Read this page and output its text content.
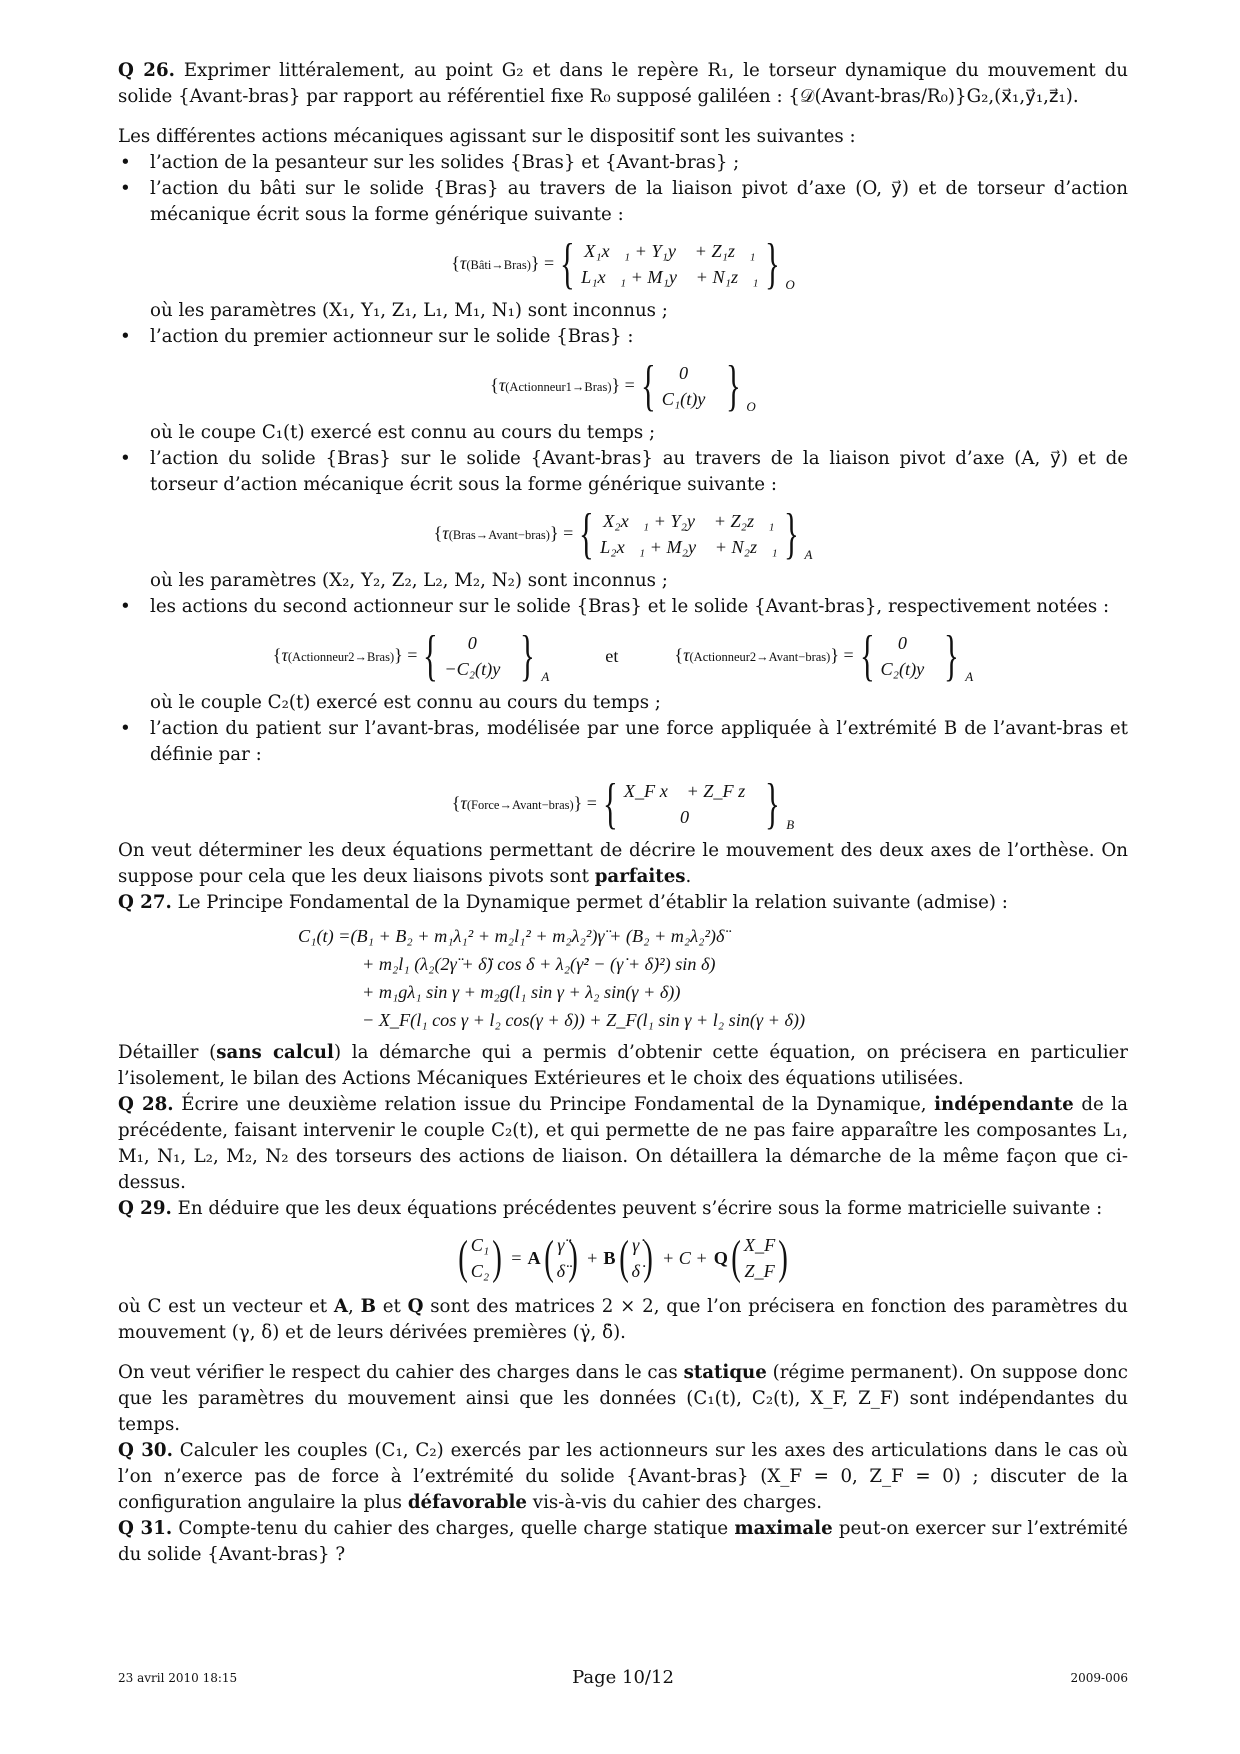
Q 26. Exprimer littéralement, au point G₂ et dans le repère R₁, le torseur dynamique du mouvement du solide {Avant-bras} par rapport au référentiel fixe R₀ supposé galiléen : {𝒟(Avant-bras/R₀)}G₂,(x⃗₁,y⃗₁,z⃗₁).

Les différentes actions mécaniques agissant sur le dispositif sont les suivantes :

• l’action de la pesanteur sur les solides {Bras} et {Avant-bras} ;

• l’action du bâti sur le solide {Bras} au travers de la liaison pivot d’axe (O, y⃗) et de torseur d’action mécanique écrit sous la forme générique suivante :

{τ(Bâti→Bras)} = { X₁x⃗₁ + Y₁y⃗ + Z₁z⃗₁
L₁x⃗₁ + M₁y⃗ + N₁z⃗₁ } O

où les paramètres (X₁, Y₁, Z₁, L₁, M₁, N₁) sont inconnus ;

• l’action du premier actionneur sur le solide {Bras} :

{τ(Actionneur1→Bras)} = { 0⃗
C₁(t)y⃗ } O

où le coupe C₁(t) exercé est connu au cours du temps ;

• l’action du solide {Bras} sur le solide {Avant-bras} au travers de la liaison pivot d’axe (A, y⃗) et de torseur d’action mécanique écrit sous la forme générique suivante :

{τ(Bras→Avant−bras)} = { X₂x⃗₁ + Y₂y⃗ + Z₂z⃗₁
L₂x⃗₁ + M₂y⃗ + N₂z⃗₁ } A

où les paramètres (X₂, Y₂, Z₂, L₂, M₂, N₂) sont inconnus ;

• les actions du second actionneur sur le solide {Bras} et le solide {Avant-bras}, respectivement notées :

{τ(Actionneur2→Bras)} = { 0⃗
−C₂(t)y⃗ } A
et	{τ(Actionneur2→Avant−bras)} = { 0⃗
C₂(t)y⃗ } A

où le couple C₂(t) exercé est connu au cours du temps ;

• l’action du patient sur l’avant-bras, modélisée par une force appliquée à l’extrémité B de l’avant-bras et définie par :

{τ(Force→Avant−bras)} = { X_F x⃗ + Z_F z⃗
0⃗ } B

On veut déterminer les deux équations permettant de décrire le mouvement des deux axes de l’orthèse. On suppose pour cela que les deux liaisons pivots sont parfaites.

Q 27. Le Principe Fondamental de la Dynamique permet d’établir la relation suivante (admise) :

C₁(t) =(B₁ + B₂ + m₁λ₁² + m₂l₁² + m₂λ₂²)γ̈ + (B₂ + m₂λ₂²)δ̈
+ m₂l₁ (λ₂(2γ̈ + δ̈) cos δ + λ₂(γ̇² − (γ̇ + δ̇)²) sin δ)
+ m₁gλ₁ sin γ + m₂g(l₁ sin γ + λ₂ sin(γ + δ))
− X_F(l₁ cos γ + l₂ cos(γ + δ)) + Z_F(l₁ sin γ + l₂ sin(γ + δ))

Détailler (sans calcul) la démarche qui a permis d’obtenir cette équation, on précisera en particulier l’isolement, le bilan des Actions Mécaniques Extérieures et le choix des équations utilisées.

Q 28. Écrire une deuxième relation issue du Principe Fondamental de la Dynamique, indépendante de la précédente, faisant intervenir le couple C₂(t), et qui permette de ne pas faire apparaître les composantes L₁, M₁, N₁, L₂, M₂, N₂ des torseurs des actions de liaison. On détaillera la démarche de la même façon que ci-dessus.

Q 29. En déduire que les deux équations précédentes peuvent s’écrire sous la forme matricielle suivante :

( C₁
C₂ ) = A ( γ̈
δ̈ ) + B ( γ̇
δ̇ ) + C + Q ( X_F
Z_F )

où C est un vecteur et A, B et Q sont des matrices 2 × 2, que l’on précisera en fonction des paramètres du mouvement (γ, δ) et de leurs dérivées premières (γ̇, δ̇).

On veut vérifier le respect du cahier des charges dans le cas statique (régime permanent). On suppose donc que les paramètres du mouvement ainsi que les données (C₁(t), C₂(t), X_F, Z_F) sont indépendantes du temps.

Q 30. Calculer les couples (C₁, C₂) exercés par les actionneurs sur les axes des articulations dans le cas où l’on n’exerce pas de force à l’extrémité du solide {Avant-bras} (X_F = 0, Z_F = 0) ; discuter de la configuration angulaire la plus défavorable vis-à-vis du cahier des charges.

Q 31. Compte-tenu du cahier des charges, quelle charge statique maximale peut-on exercer sur l’extrémité du solide {Avant-bras} ?

23 avril 2010 18:15	Page 10/12	2009-006
